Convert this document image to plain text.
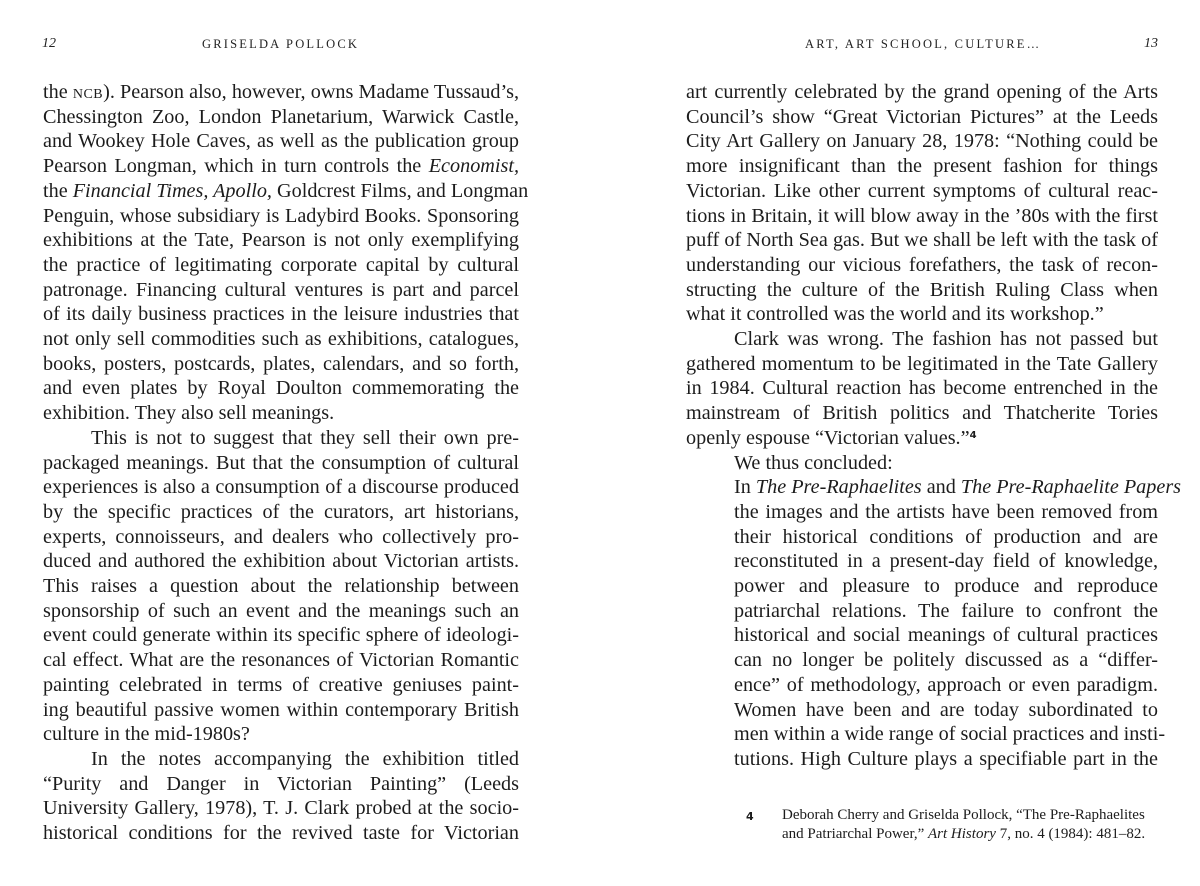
12	GRISELDA POLLOCK
the ncb). Pearson also, however, owns Madame Tussaud’s,
Chessington Zoo, London Planetarium, Warwick Castle,
and Wookey Hole Caves, as well as the publication group
Pearson Longman, which in turn controls the Economist,
the Financial Times, Apollo, Goldcrest Films, and Longman
Penguin, whose subsidiary is Ladybird Books. Sponsoring
exhibitions at the Tate, Pearson is not only exemplifying
the practice of legitimating corporate capital by cultural
patronage. Financing cultural ventures is part and parcel
of its daily business practices in the leisure industries that
not only sell commodities such as exhibitions, catalogues,
books, posters, postcards, plates, calendars, and so forth,
and even plates by Royal Doulton commemorating the
exhibition. They also sell meanings.
This is not to suggest that they sell their own pre-
packaged meanings. But that the consumption of cultural
experiences is also a consumption of a discourse produced
by the specific practices of the curators, art historians,
experts, connoisseurs, and dealers who collectively pro-
duced and authored the exhibition about Victorian artists.
This raises a question about the relationship between
sponsorship of such an event and the meanings such an
event could generate within its specific sphere of ideologi-
cal effect. What are the resonances of Victorian Romantic
painting celebrated in terms of creative geniuses paint-
ing beautiful passive women within contemporary British
culture in the mid-1980s?
In the notes accompanying the exhibition titled
“Purity and Danger in Victorian Painting” (Leeds
University Gallery, 1978), T. J. Clark probed at the socio-
historical conditions for the revived taste for Victorian
ART, ART SCHOOL, CULTURE…	13
art currently celebrated by the grand opening of the Arts
Council’s show “Great Victorian Pictures” at the Leeds
City Art Gallery on January 28, 1978: “Nothing could be
more insignificant than the present fashion for things
Victorian. Like other current symptoms of cultural reac-
tions in Britain, it will blow away in the ’80s with the first
puff of North Sea gas. But we shall be left with the task of
understanding our vicious forefathers, the task of recon-
structing the culture of the British Ruling Class when
what it controlled was the world and its workshop.”
Clark was wrong. The fashion has not passed but
gathered momentum to be legitimated in the Tate Gallery
in 1984. Cultural reaction has become entrenched in the
mainstream of British politics and Thatcherite Tories
openly espouse “Victorian values.”$^4$
We thus concluded:
In The Pre-Raphaelites and The Pre-Raphaelite Papers
the images and the artists have been removed from
their historical conditions of production and are
reconstituted in a present-day field of knowledge,
power and pleasure to produce and reproduce
patriarchal relations. The failure to confront the
historical and social meanings of cultural practices
can no longer be politely discussed as a “differ-
ence” of methodology, approach or even paradigm.
Women have been and are today subordinated to
men within a wide range of social practices and insti-
tutions. High Culture plays a specifiable part in the
4 Deborah Cherry and Griselda Pollock, “The Pre-Raphaelites
and Patriarchal Power,” Art History 7, no. 4 (1984): 481–82.
